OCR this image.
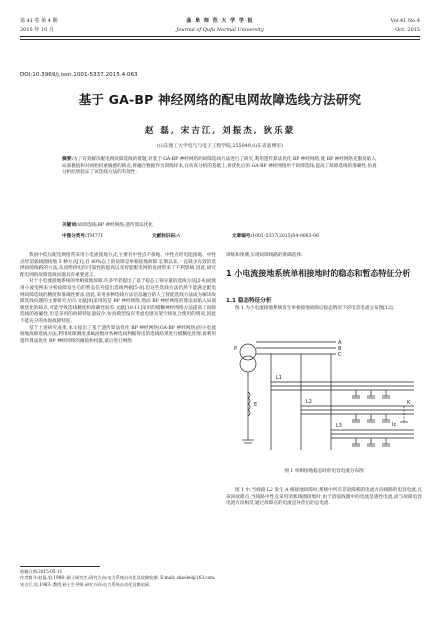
第 41 卷 第 4 期
2015 年 10 月
曲 阜 师 范 大 学 学 报
Journal of Qufu Normal University
Vol.41 No.4
Oct. 2015
DOI:10.3969/j.issn.1001-5337.2015.4.063
基于 GA-BP 神经网络的配电网故障选线方法研究
赵 磊, 宋吉江, 刘振杰, 狄乐蒙
(山东理工大学电气与电子工程学院,255049,山东省淄博市)
摘要:为了有效解决配电网故障选线的难题,对基于 GA-BP 神经网络的故障选线方法进行了研究,利用遗传算法优化 BP 神经网络,使 BP 神经网络克服易陷入局部极值和对初始权重敏感的缺点,将融合数据作为训练样本,在仿真分析的基础上,将优化后的 GA-BP 神经网络用于故障选线,提高了故障选线的准确性,仿真分析结果验证了该选线方法的有效性.
关键词:故障选线;BP 神经网络;遗传算法优化
中图分类号:TM771	文献标识码:A	文章编号:1001-5337(2015)04-0063-06

我国中低压配电网络常采用小电流接地方式,主要有中性点不接地、中性点经电阻接地、中性点经消弧线圈接地 3 种方式[1].目 80%以上的故障是单相接地故障.长期以来,一直缺少有效的选择故障线路的方法,从而给供电的可靠性的提高以及智能配电网的发展带来了不利影响.因此,研究配电网的故障选线问题具有重要意义.

对于小电流接地系统的单相接地故障,许多学者提出了基于稳态工频分量的选线方法[2-4]或使用小波变换来分析故障发生后的暂态信号提出选线判据[5-8].但这些选线方法仍然不能满足配电网故障选线的精度和准确性要求.因此,采用多种选线方法信息融合的人工智能选线方法成为解决故障选线问题的主要研究方向.文献[9]采用的是 BP 神经网络,然而 BP 神经网络的算法易陷入局部极优化的缺点,可能导致选线精度和准确性较差.文献[10-11]采用的模糊神经网络方法提高了故障选线的准确性,但是采用的故障特征量较少,仿真模型没有考虑电感及架空线复合使用的情况,因此不能充分的体现故障特征.

基于上述研究成果,本文提出了基于遗传算法优化 BP 神经网络(GA-BP 神经网络)的小电流接地故障选线方法,利用故障测度隶属函数对各种选线判据得出的选线结果进行模糊化处理,再利用遗传算法优化 BP 神经网络的阈值和权值,最后进行网络

收稿日期:2015-05-11
作者简介:赵磊,男,1988-,硕士研究生;研究方向:电力系统自动化及故障检测. E-mail: zhaolei@163.com.
宋吉江,男,1963-,教授,硕士生导师;研究方向:电力系统自动化及微电网.

训练和预测,实现故障线路的准确选择.

1 小电流接地系统单相接地时的稳态和暂态特征分析
1.1 稳态特征分析

图 1 为小电流接地系统发生单相接地故障后稳态情况下的电容电流分布图[12].

P
A
B
C
L1
L2
L3
K
E
Ic
图 1 单相接地稳态时的电容电流分布图

图 1 中,当线路 L2 发生 A 相接地故障时,系统中所有非故障相的电流方向线路的电容电流,且该回故障点,当线路中性点采用消弧线圈接地时,由于消弧线圈中的电流是感性电流,而与故障电容电流方向相反,通过故障点的电流是补偿后的总电流.
